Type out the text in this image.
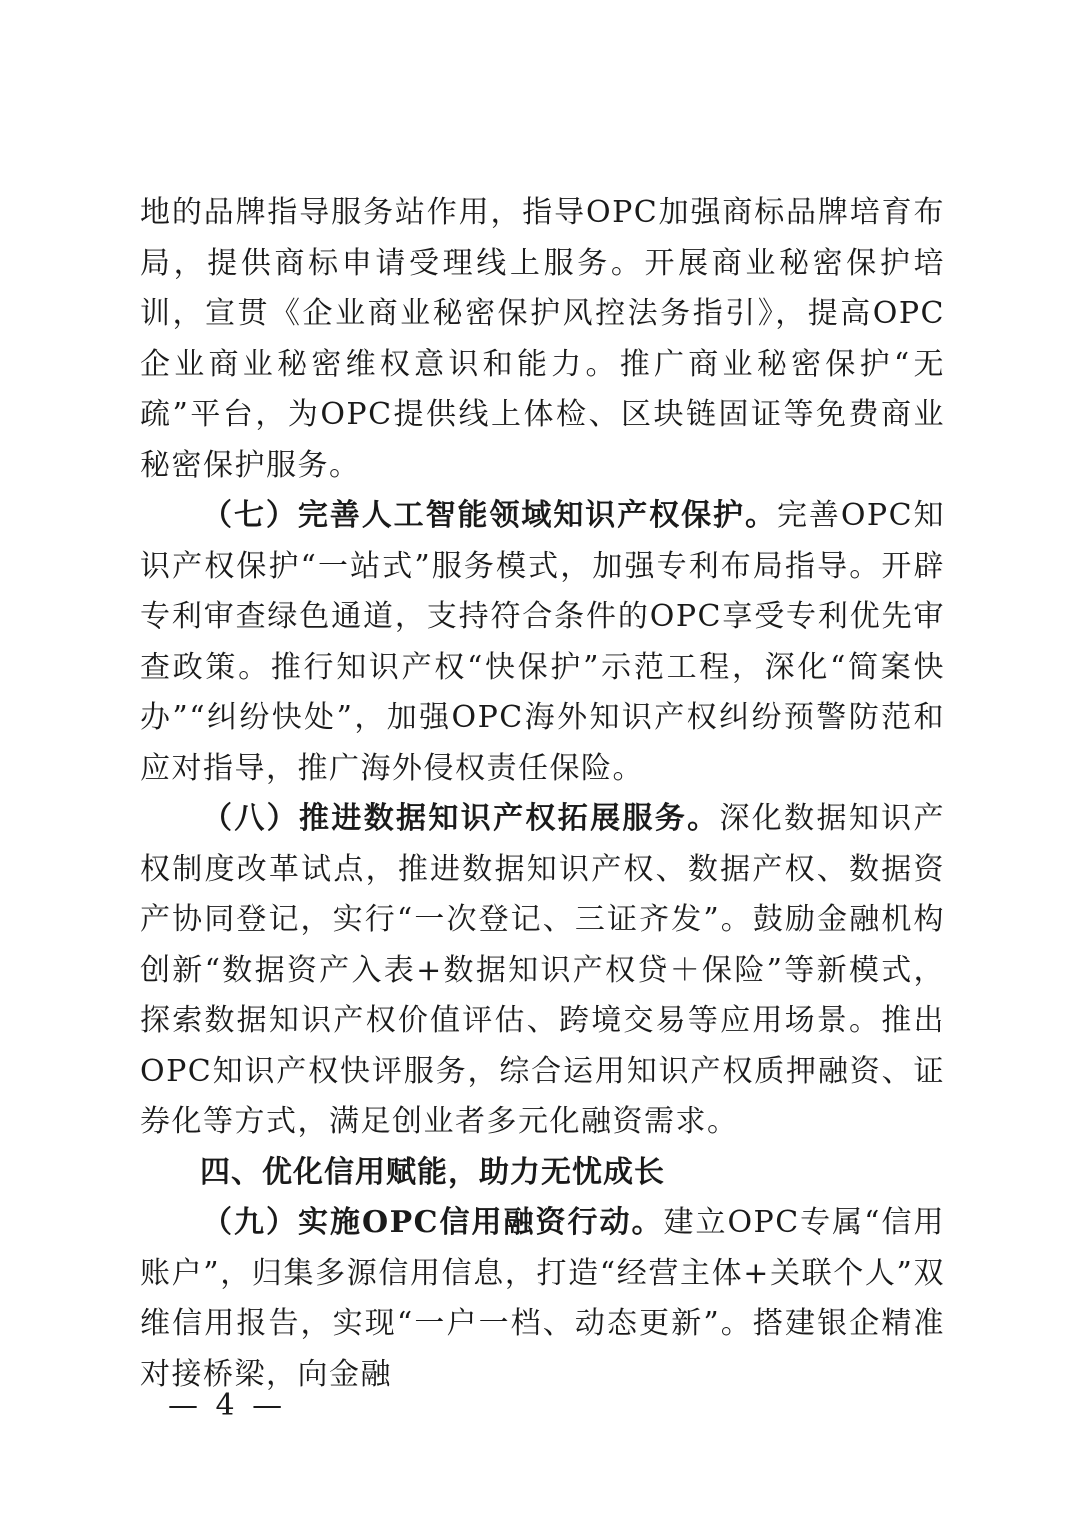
地的品牌指导服务站作用，指导OPC加强商标品牌培育布局，提供商标申请受理线上服务。开展商业秘密保护培训，宣贯《企业商业秘密保护风控法务指引》，提高OPC企业商业秘密维权意识和能力。推广商业秘密保护“无疏”平台，为OPC提供线上体检、区块链固证等免费商业秘密保护服务。

（七）完善人工智能领域知识产权保护。完善OPC知识产权保护“一站式”服务模式，加强专利布局指导。开辟专利审查绿色通道，支持符合条件的OPC享受专利优先审查政策。推行知识产权“快保护”示范工程，深化“简案快办”“纠纷快处”，加强OPC海外知识产权纠纷预警防范和应对指导，推广海外侵权责任保险。

（八）推进数据知识产权拓展服务。深化数据知识产权制度改革试点，推进数据知识产权、数据产权、数据资产协同登记，实行“一次登记、三证齐发”。鼓励金融机构创新“数据资产入表+数据知识产权贷＋保险”等新模式，探索数据知识产权价值评估、跨境交易等应用场景。推出OPC知识产权快评服务，综合运用知识产权质押融资、证券化等方式，满足创业者多元化融资需求。

四、优化信用赋能，助力无忧成长

（九）实施OPC信用融资行动。建立OPC专属“信用账户”，归集多源信用信息，打造“经营主体+关联个人”双维信用报告，实现“一户一档、动态更新”。搭建银企精准对接桥梁，向金融

— 4 —
